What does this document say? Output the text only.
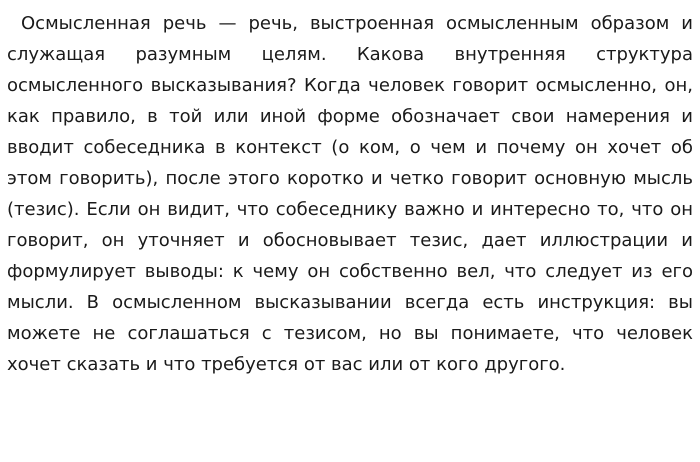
Осмысленная речь — речь, выстроенная осмысленным образом и служащая разумным целям. Какова внутренняя структура осмысленного высказывания? Когда человек говорит осмысленно, он, как правило, в той или иной форме обозначает свои намерения и вводит собеседника в контекст (о ком, о чем и почему он хочет об этом говорить), после этого коротко и четко говорит основную мысль (тезис). Если он видит, что собеседнику важно и интересно то, что он говорит, он уточняет и обосновывает тезис, дает иллюстрации и формулирует выводы: к чему он собственно вел, что следует из его мысли. В осмысленном высказывании всегда есть инструкция: вы можете не соглашаться с тезисом, но вы понимаете, что человек хочет сказать и что требуется от вас или от кого другого.
